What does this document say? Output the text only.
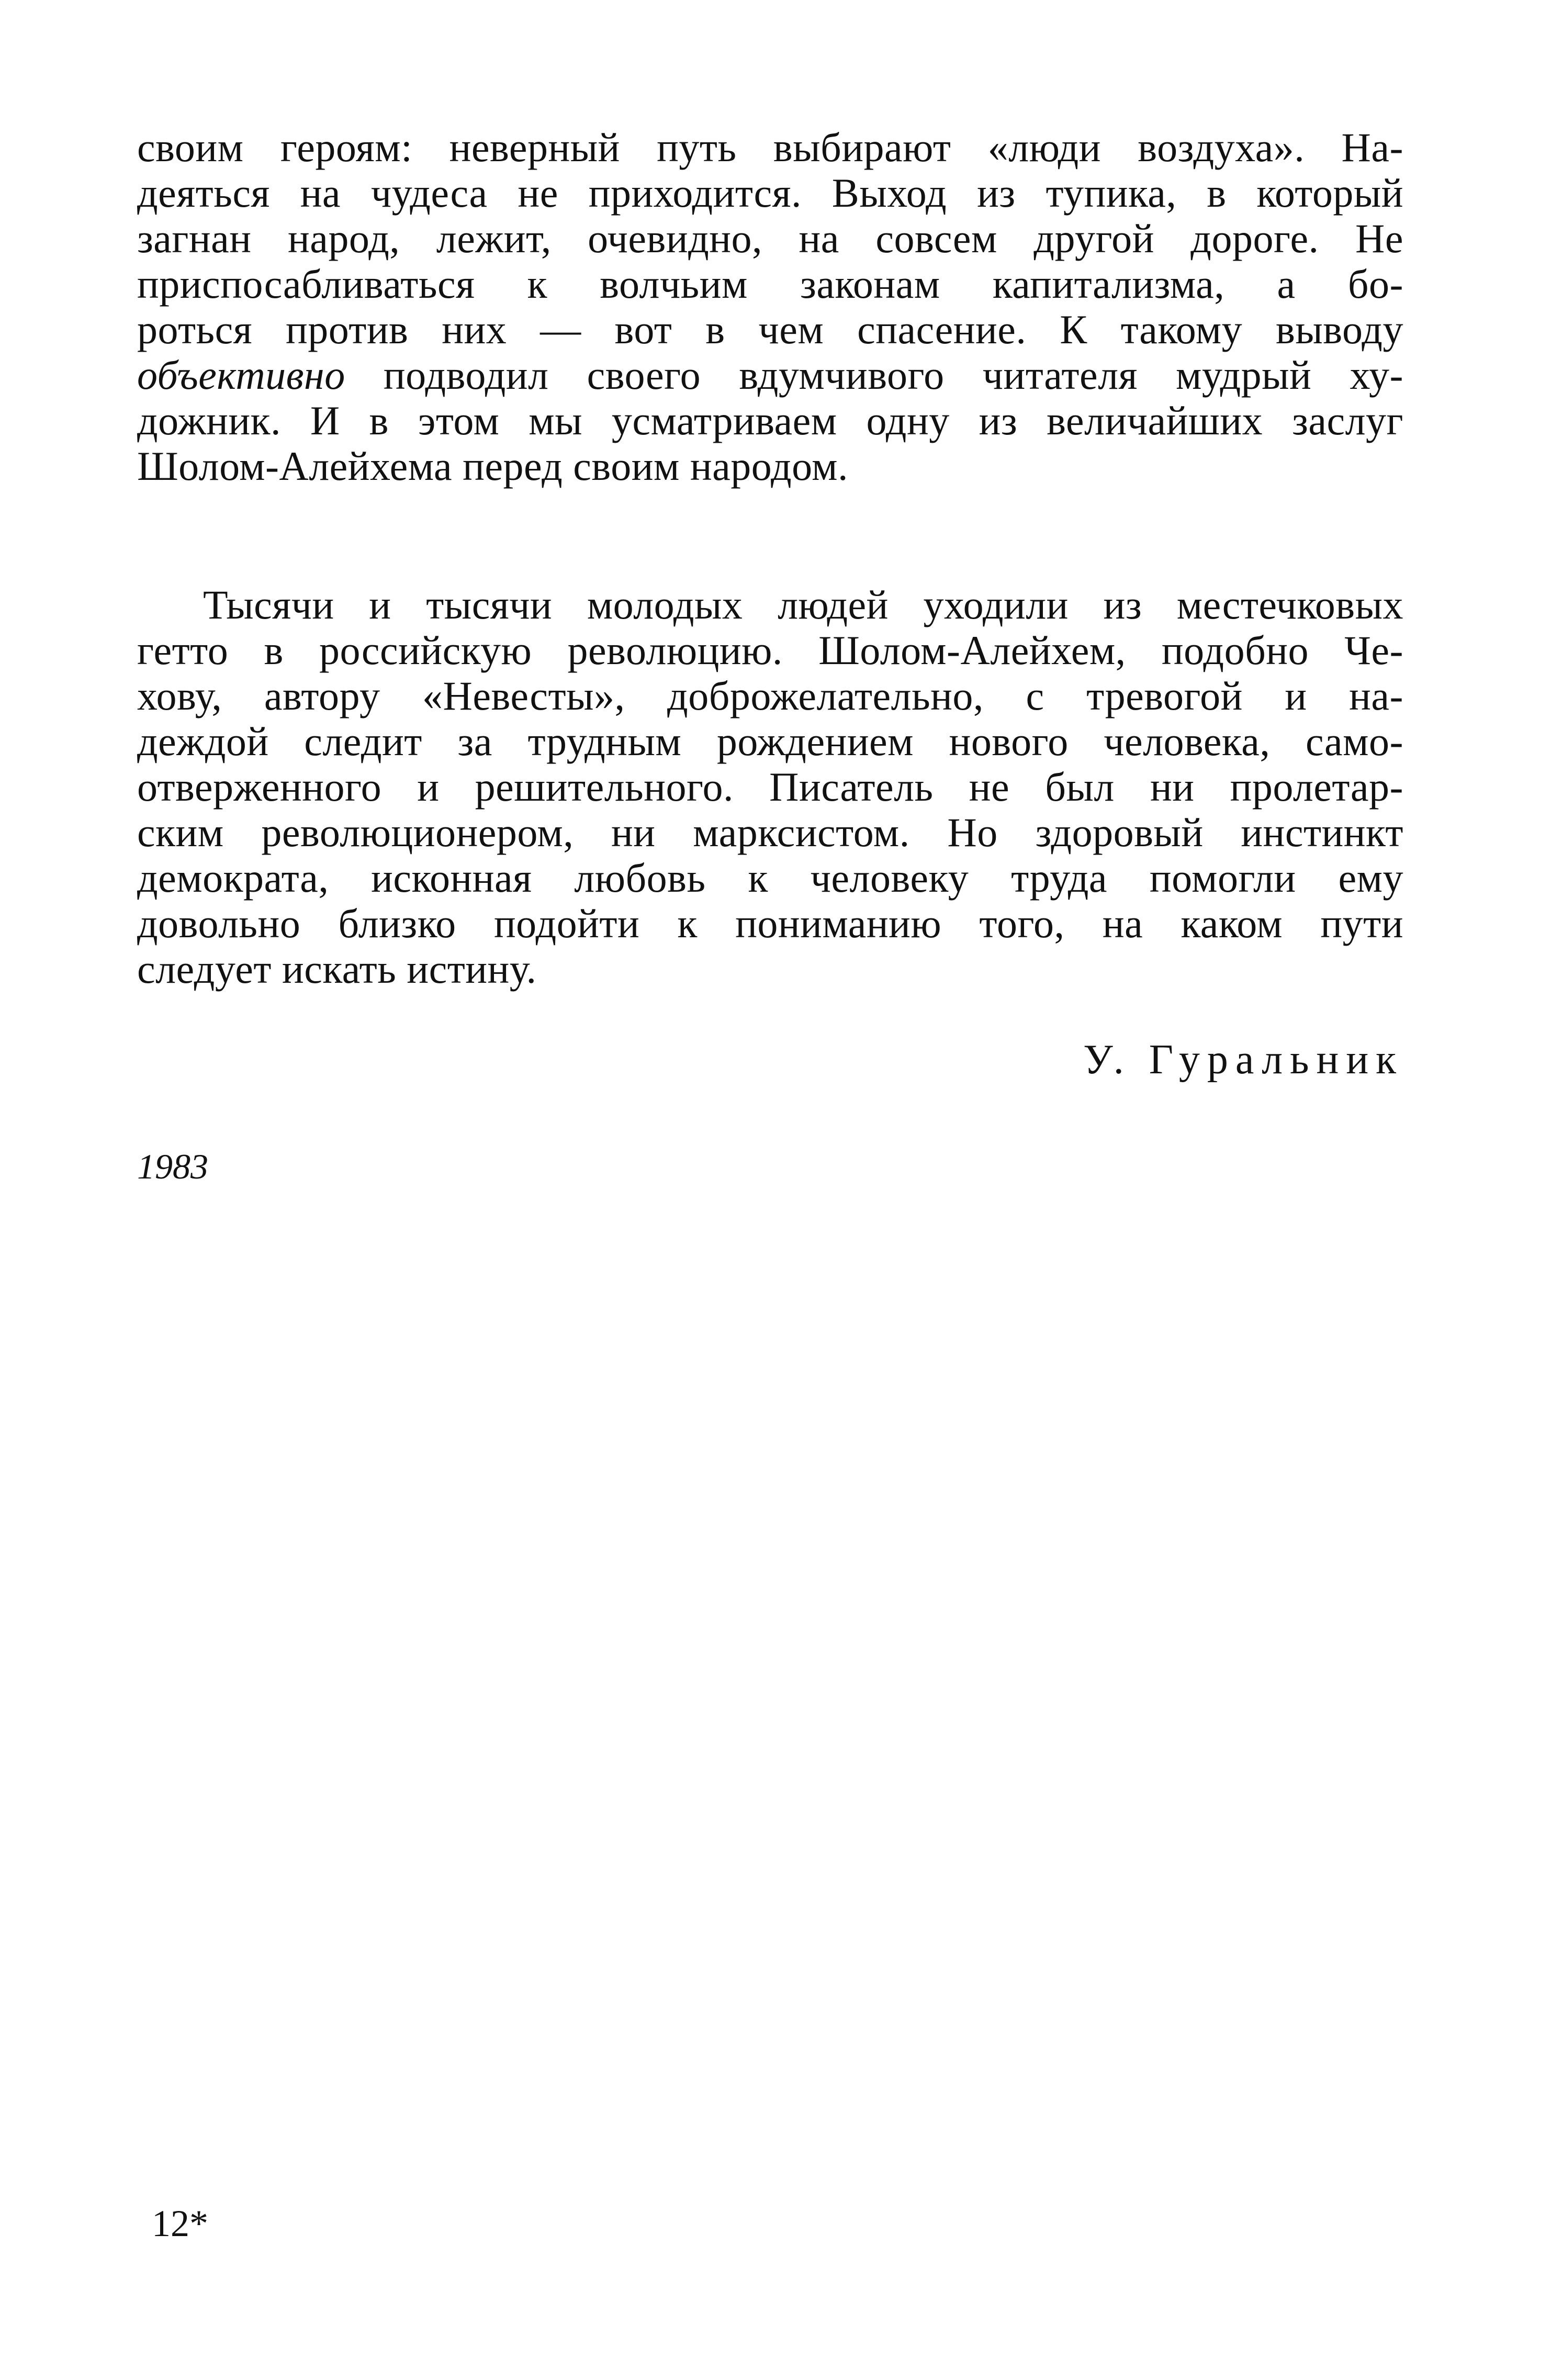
своим героям: неверный путь выбирают «люди воздуха». На-
деяться на чудеса не приходится. Выход из тупика, в который
загнан народ, лежит, очевидно, на совсем другой дороге. Не
приспосабливаться к волчьим законам капитализма, а бо-
роться против них — вот в чем спасение. К такому выводу
объективно подводил своего вдумчивого читателя мудрый ху-
дожник. И в этом мы усматриваем одну из величайших заслуг
Шолом-Алейхема перед своим народом.
Тысячи и тысячи молодых людей уходили из местечковых
гетто в российскую революцию. Шолом-Алейхем, подобно Че-
хову, автору «Невесты», доброжелательно, с тревогой и на-
деждой следит за трудным рождением нового человека, само-
отверженного и решительного. Писатель не был ни пролетар-
ским революционером, ни марксистом. Но здоровый инстинкт
демократа, исконная любовь к человеку труда помогли ему
довольно близко подойти к пониманию того, на каком пути
следует искать истину.
У. Гуральник
1983
12*
